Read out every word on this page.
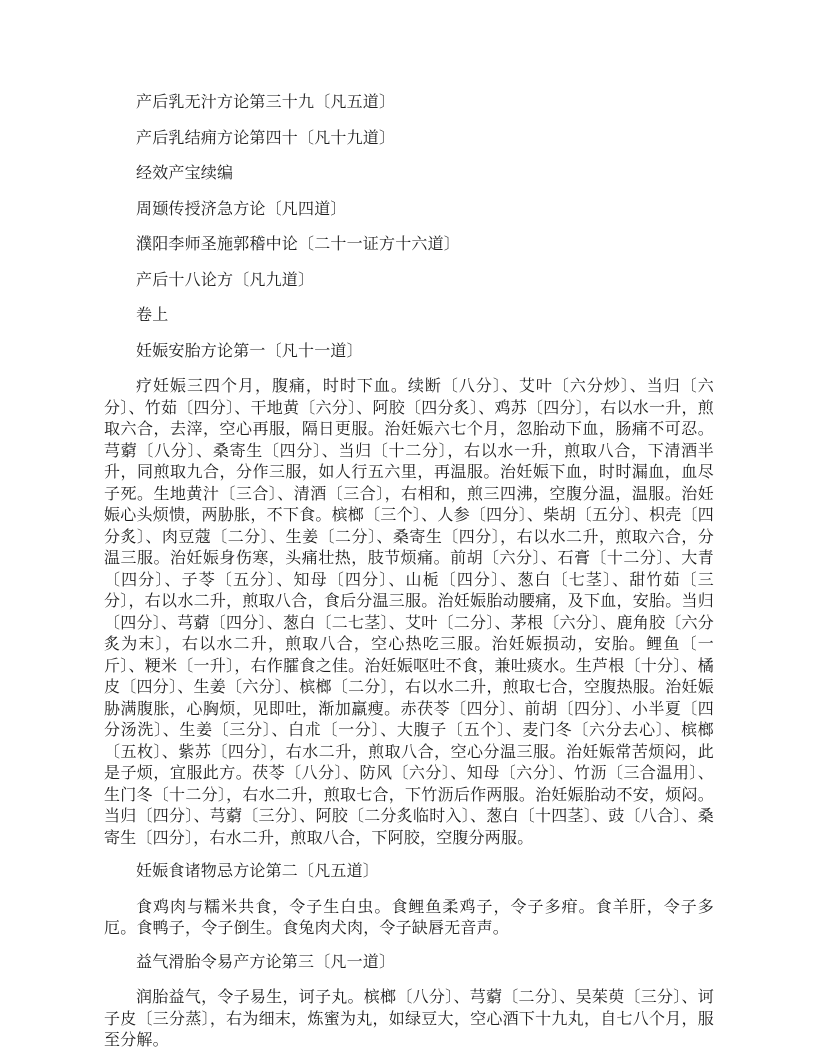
产后乳无汁方论第三十九〔凡五道〕

产后乳结痈方论第四十〔凡十九道〕

经效产宝续编

周颋传授济急方论〔凡四道〕

濮阳李师圣施郭稽中论〔二十一证方十六道〕

产后十八论方〔凡九道〕

卷上

妊娠安胎方论第一〔凡十一道〕

疗妊娠三四个月，腹痛，时时下血。续断〔八分〕、艾叶〔六分炒〕、当归〔六分〕、竹茹〔四分〕、干地黄〔六分〕、阿胶〔四分炙〕、鸡苏〔四分〕，右以水一升，煎取六合，去滓，空心再服，隔日更服。治妊娠六七个月，忽胎动下血，肠痛不可忍。芎藭〔八分〕、桑寄生〔四分〕、当归〔十二分〕，右以水一升，煎取八合，下清酒半升，同煎取九合，分作三服，如人行五六里，再温服。治妊娠下血，时时漏血，血尽子死。生地黄汁〔三合〕、清酒〔三合〕，右相和，煎三四沸，空腹分温，温服。治妊娠心头烦愦，两胁胀，不下食。槟榔〔三个〕、人参〔四分〕、柴胡〔五分〕、枳壳〔四分炙〕、肉豆蔻〔二分〕、生姜〔二分〕、桑寄生〔四分〕，右以水二升，煎取六合，分温三服。治妊娠身伤寒，头痛壮热，肢节烦痛。前胡〔六分〕、石膏〔十二分〕、大青〔四分〕、子苓〔五分〕、知母〔四分〕、山栀〔四分〕、葱白〔七茎〕、甜竹茹〔三分〕，右以水二升，煎取八合，食后分温三服。治妊娠胎动腰痛，及下血，安胎。当归〔四分〕、芎藭〔四分〕、葱白〔二七茎〕、艾叶〔二分〕、茅根〔六分〕、鹿角胶〔六分炙为末〕，右以水二升，煎取八合，空心热吃三服。治妊娠损动，安胎。鲤鱼〔一斤〕、粳米〔一升〕，右作臛食之佳。治妊娠呕吐不食，兼吐痰水。生芦根〔十分〕、橘皮〔四分〕、生姜〔六分〕、槟榔〔二分〕，右以水二升，煎取七合，空腹热服。治妊娠胁满腹胀，心胸烦，见即吐，渐加羸瘦。赤茯苓〔四分〕、前胡〔四分〕、小半夏〔四分汤洗〕、生姜〔三分〕、白朮〔一分〕、大腹子〔五个〕、麦门冬〔六分去心〕、槟榔〔五枚〕、紫苏〔四分〕，右水二升，煎取八合，空心分温三服。治妊娠常苦烦闷，此是子烦，宜服此方。茯苓〔八分〕、防风〔六分〕、知母〔六分〕、竹沥〔三合温用〕、生门冬〔十二分〕，右水二升，煎取七合，下竹沥后作两服。治妊娠胎动不安，烦闷。当归〔四分〕、芎藭〔三分〕、阿胶〔二分炙临时入〕、葱白〔十四茎〕、豉〔八合〕、桑寄生〔四分〕，右水二升，煎取八合，下阿胶，空腹分两服。

妊娠食诸物忌方论第二〔凡五道〕

食鸡肉与糯米共食，令子生白虫。食鲤鱼柔鸡子，令子多疳。食羊肝，令子多厄。食鸭子，令子倒生。食兔肉犬肉，令子缺唇无音声。

益气滑胎令易产方论第三〔凡一道〕

润胎益气，令子易生，诃子丸。槟榔〔八分〕、芎藭〔二分〕、吴茱萸〔三分〕、诃子皮〔三分蒸〕，右为细末，炼蜜为丸，如绿豆大，空心酒下十九丸，自七八个月，服至分解。
